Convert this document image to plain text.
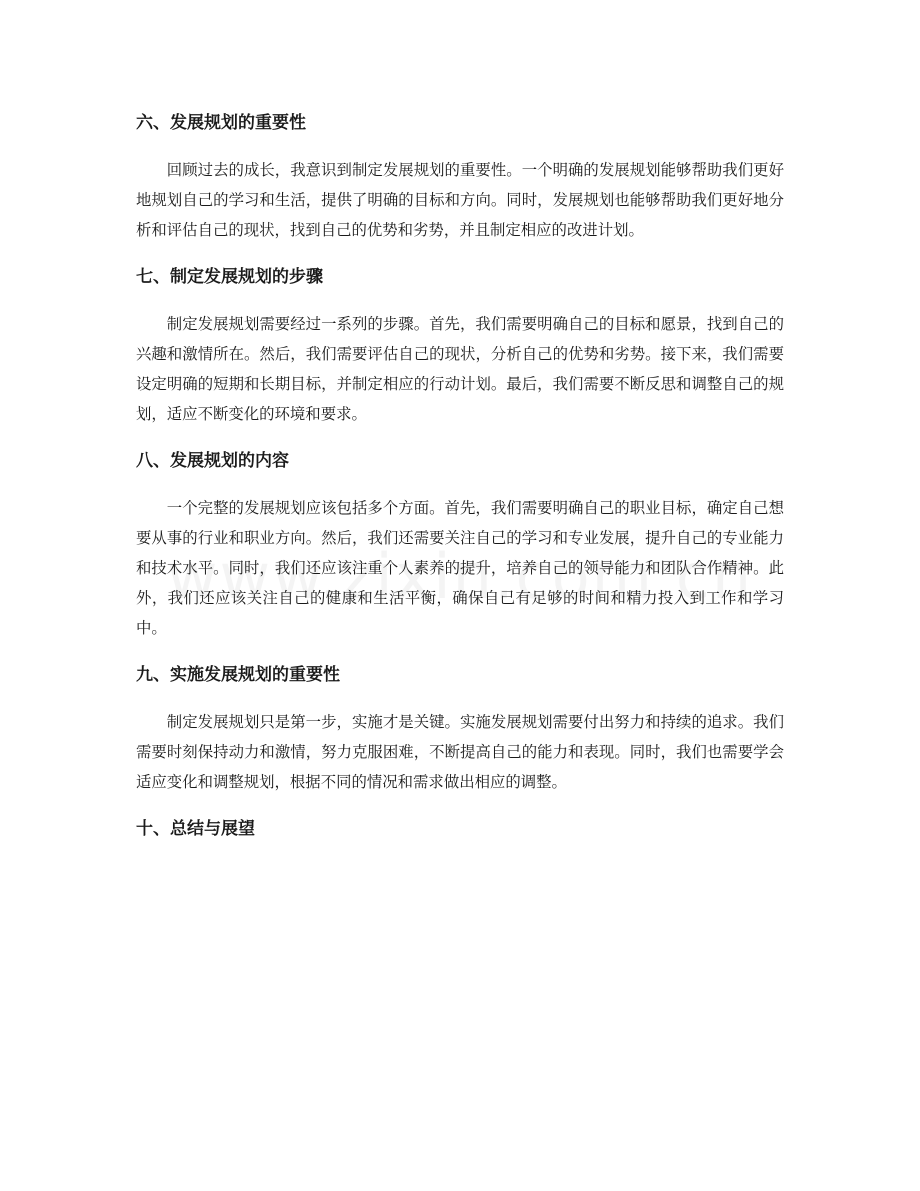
六、发展规划的重要性

回顾过去的成长，我意识到制定发展规划的重要性。一个明确的发展规划能够帮助我们更好地规划自己的学习和生活，提供了明确的目标和方向。同时，发展规划也能够帮助我们更好地分析和评估自己的现状，找到自己的优势和劣势，并且制定相应的改进计划。

七、制定发展规划的步骤

制定发展规划需要经过一系列的步骤。首先，我们需要明确自己的目标和愿景，找到自己的兴趣和激情所在。然后，我们需要评估自己的现状，分析自己的优势和劣势。接下来，我们需要设定明确的短期和长期目标，并制定相应的行动计划。最后，我们需要不断反思和调整自己的规划，适应不断变化的环境和要求。

八、发展规划的内容

一个完整的发展规划应该包括多个方面。首先，我们需要明确自己的职业目标，确定自己想要从事的行业和职业方向。然后，我们还需要关注自己的学习和专业发展，提升自己的专业能力和技术水平。同时，我们还应该注重个人素养的提升，培养自己的领导能力和团队合作精神。此外，我们还应该关注自己的健康和生活平衡，确保自己有足够的时间和精力投入到工作和学习中。

九、实施发展规划的重要性

制定发展规划只是第一步，实施才是关键。实施发展规划需要付出努力和持续的追求。我们需要时刻保持动力和激情，努力克服困难，不断提高自己的能力和表现。同时，我们也需要学会适应变化和调整规划，根据不同的情况和需求做出相应的调整。

十、总结与展望
